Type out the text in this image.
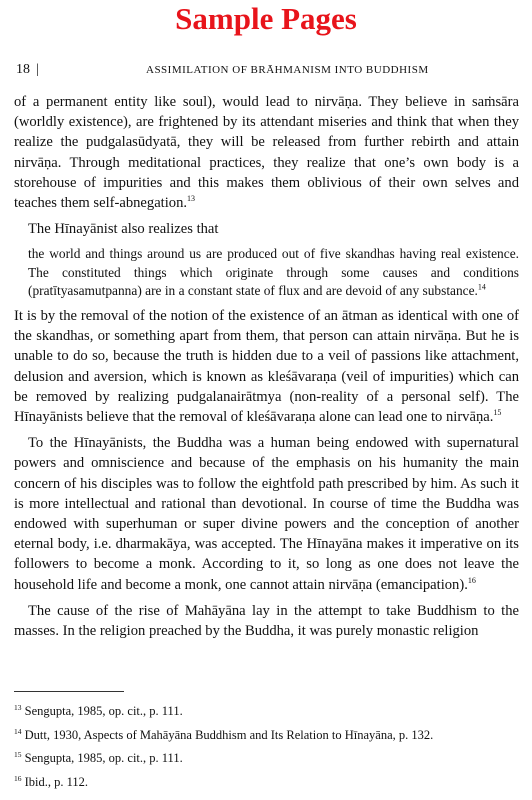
Sample Pages
18 |	ASSIMILATION OF BRĀHMANISM INTO BUDDHISM

of a permanent entity like soul), would lead to nirvāṇa. They believe in saṁsāra (worldly existence), are frightened by its attendant miseries and think that when they realize the pudgalasūdyatā, they will be released from further rebirth and attain nirvāṇa. Through meditational practices, they realize that one’s own body is a storehouse of impurities and this makes them oblivious of their own selves and teaches them self-abnegation.$^{13}$

The Hīnayānist also realizes that

the world and things around us are produced out of five skandhas having real existence. The constituted things which originate through some causes and conditions (pratītyasamutpanna) are in a constant state of flux and are devoid of any substance.$^{14}$

It is by the removal of the notion of the existence of an ātman as identical with one of the skandhas, or something apart from them, that person can attain nirvāṇa. But he is unable to do so, because the truth is hidden due to a veil of passions like attachment, delusion and aversion, which is known as kleśāvaraṇa (veil of impurities) which can be removed by realizing pudgalanairātmya (non-reality of a personal self). The Hīnayānists believe that the removal of kleśāvaraṇa alone can lead one to nirvāṇa.$^{15}$

To the Hīnayānists, the Buddha was a human being endowed with supernatural powers and omniscience and because of the emphasis on his humanity the main concern of his disciples was to follow the eightfold path prescribed by him. As such it is more intellectual and rational than devotional. In course of time the Buddha was endowed with superhuman or super divine powers and the conception of another eternal body, i.e. dharmakāya, was accepted. The Hīnayāna makes it imperative on its followers to become a monk. According to it, so long as one does not leave the household life and become a monk, one cannot attain nirvāṇa (emancipation).$^{16}$

The cause of the rise of Mahāyāna lay in the attempt to take Buddhism to the masses. In the religion preached by the Buddha, it was purely monastic religion

$^{13}$ Sengupta, 1985, op. cit., p. 111.

$^{14}$ Dutt, 1930, Aspects of Mahāyāna Buddhism and Its Relation to Hīnayāna, p. 132.

$^{15}$ Sengupta, 1985, op. cit., p. 111.

$^{16}$ Ibid., p. 112.
